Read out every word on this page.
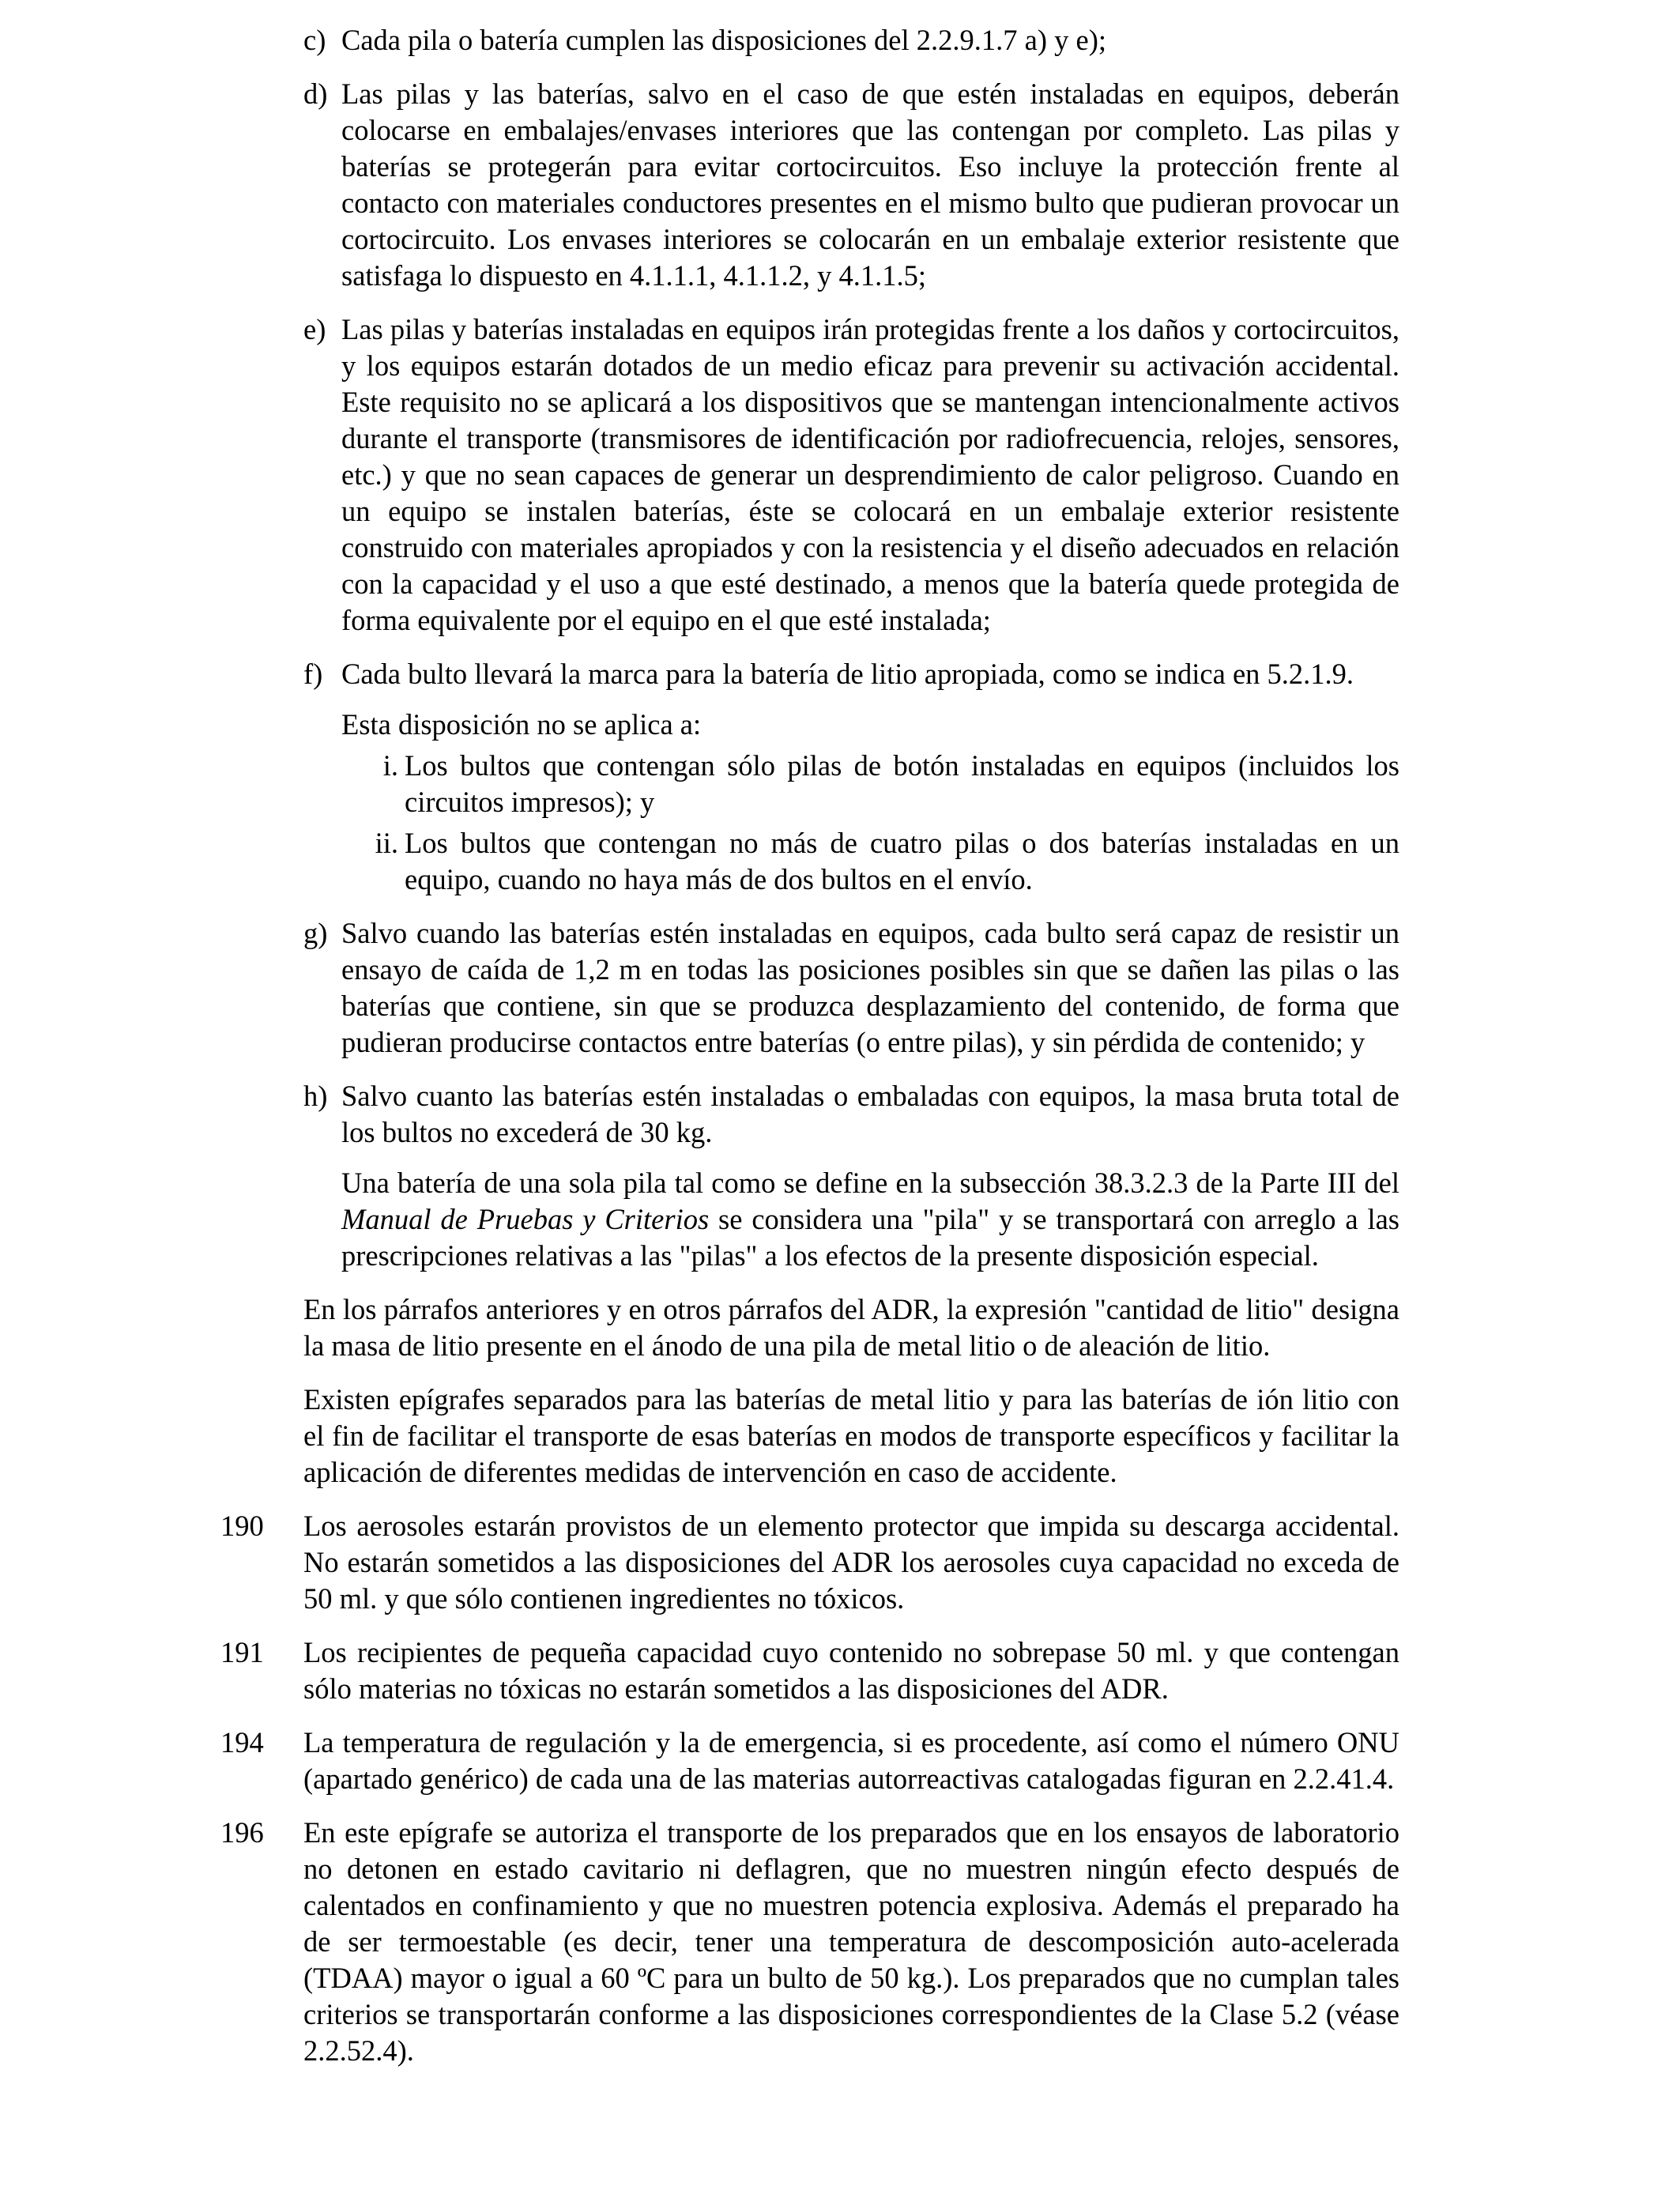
c) Cada pila o batería cumplen las disposiciones del 2.2.9.1.7 a) y e);

d) Las pilas y las baterías, salvo en el caso de que estén instaladas en equipos, deberán colocarse en embalajes/envases interiores que las contengan por completo. Las pilas y baterías se protegerán para evitar cortocircuitos. Eso incluye la protección frente al contacto con materiales conductores presentes en el mismo bulto que pudieran provocar un cortocircuito. Los envases interiores se colocarán en un embalaje exterior resistente que satisfaga lo dispuesto en 4.1.1.1, 4.1.1.2, y 4.1.1.5;

e) Las pilas y baterías instaladas en equipos irán protegidas frente a los daños y cortocircuitos, y los equipos estarán dotados de un medio eficaz para prevenir su activación accidental. Este requisito no se aplicará a los dispositivos que se mantengan intencionalmente activos durante el transporte (transmisores de identificación por radiofrecuencia, relojes, sensores, etc.) y que no sean capaces de generar un desprendimiento de calor peligroso. Cuando en un equipo se instalen baterías, éste se colocará en un embalaje exterior resistente construido con materiales apropiados y con la resistencia y el diseño adecuados en relación con la capacidad y el uso a que esté destinado, a menos que la batería quede protegida de forma equivalente por el equipo en el que esté instalada;

f) Cada bulto llevará la marca para la batería de litio apropiada, como se indica en 5.2.1.9.

Esta disposición no se aplica a:

i. Los bultos que contengan sólo pilas de botón instaladas en equipos (incluidos los circuitos impresos); y

ii. Los bultos que contengan no más de cuatro pilas o dos baterías instaladas en un equipo, cuando no haya más de dos bultos en el envío.

g) Salvo cuando las baterías estén instaladas en equipos, cada bulto será capaz de resistir un ensayo de caída de 1,2 m en todas las posiciones posibles sin que se dañen las pilas o las baterías que contiene, sin que se produzca desplazamiento del contenido, de forma que pudieran producirse contactos entre baterías (o entre pilas), y sin pérdida de contenido; y

h) Salvo cuanto las baterías estén instaladas o embaladas con equipos, la masa bruta total de los bultos no excederá de 30 kg.

Una batería de una sola pila tal como se define en la subsección 38.3.2.3 de la Parte III del Manual de Pruebas y Criterios se considera una "pila" y se transportará con arreglo a las prescripciones relativas a las "pilas" a los efectos de la presente disposición especial.

En los párrafos anteriores y en otros párrafos del ADR, la expresión "cantidad de litio" designa la masa de litio presente en el ánodo de una pila de metal litio o de aleación de litio.

Existen epígrafes separados para las baterías de metal litio y para las baterías de ión litio con el fin de facilitar el transporte de esas baterías en modos de transporte específicos y facilitar la aplicación de diferentes medidas de intervención en caso de accidente.

190 Los aerosoles estarán provistos de un elemento protector que impida su descarga accidental. No estarán sometidos a las disposiciones del ADR los aerosoles cuya capacidad no exceda de 50 ml. y que sólo contienen ingredientes no tóxicos.

191 Los recipientes de pequeña capacidad cuyo contenido no sobrepase 50 ml. y que contengan sólo materias no tóxicas no estarán sometidos a las disposiciones del ADR.

194 La temperatura de regulación y la de emergencia, si es procedente, así como el número ONU (apartado genérico) de cada una de las materias autorreactivas catalogadas figuran en 2.2.41.4.

196 En este epígrafe se autoriza el transporte de los preparados que en los ensayos de laboratorio no detonen en estado cavitario ni deflagren, que no muestren ningún efecto después de calentados en confinamiento y que no muestren potencia explosiva. Además el preparado ha de ser termoestable (es decir, tener una temperatura de descomposición auto-acelerada (TDAA) mayor o igual a 60 ºC para un bulto de 50 kg.). Los preparados que no cumplan tales criterios se transportarán conforme a las disposiciones correspondientes de la Clase 5.2 (véase 2.2.52.4).
